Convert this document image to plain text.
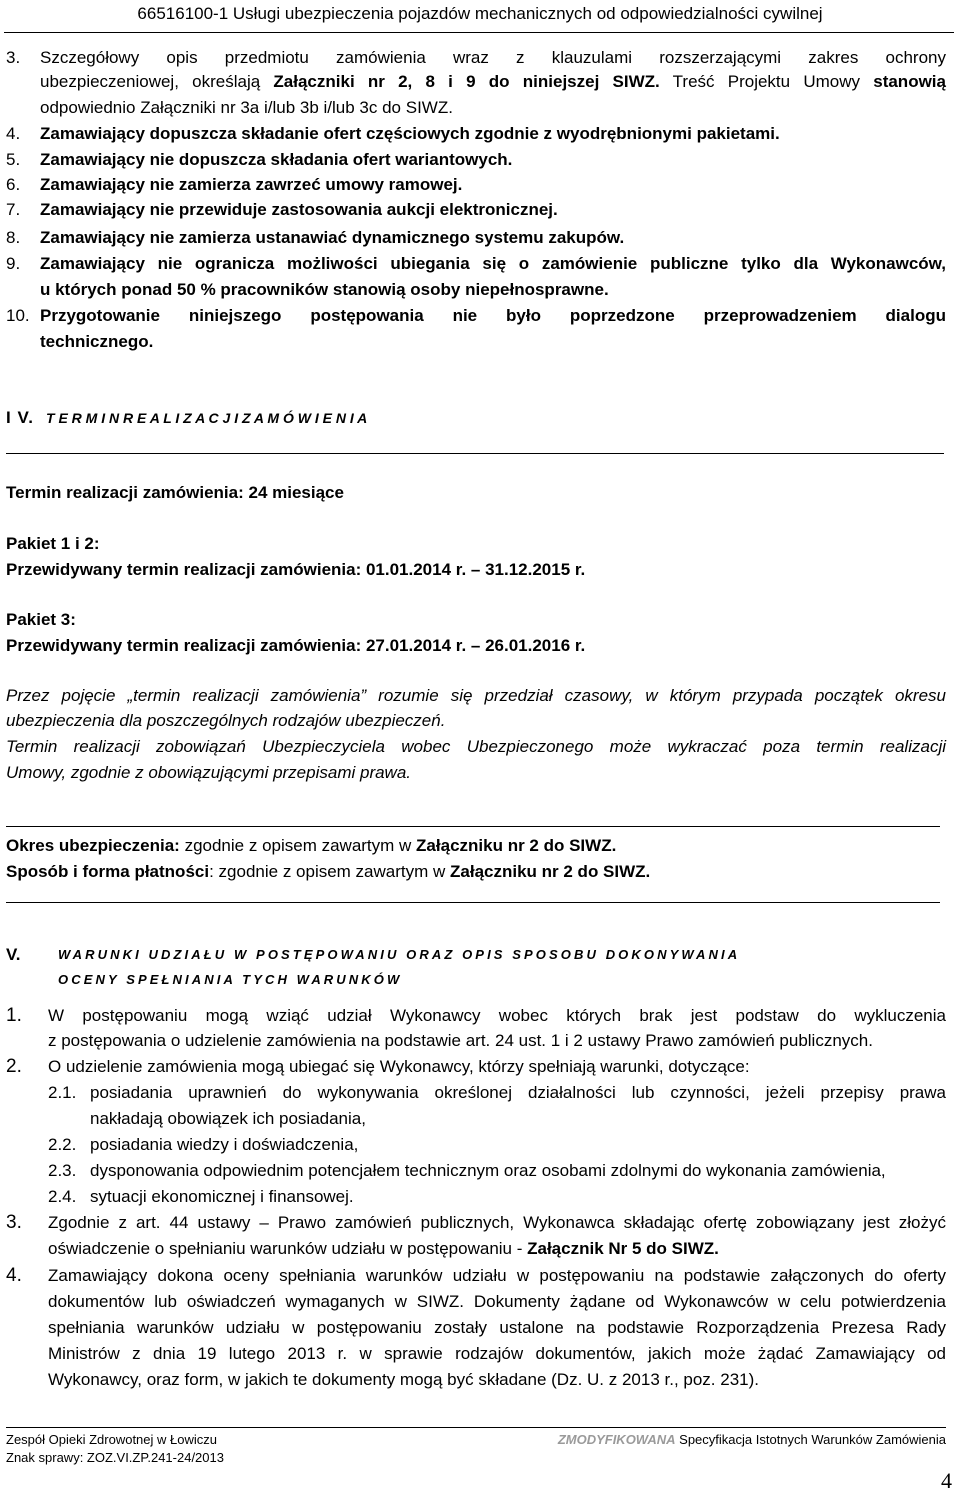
66516100-1 Usługi ubezpieczenia pojazdów mechanicznych od odpowiedzialności cywilnej
3. Szczegółowy opis przedmiotu zamówienia wraz z klauzulami rozszerzającymi zakres ochrony
ubezpieczeniowej, określają Załączniki nr 2, 8 i 9 do niniejszej SIWZ. Treść Projektu Umowy stanowią
odpowiednio Załączniki nr 3a i/lub 3b i/lub 3c do SIWZ.
4. Zamawiający dopuszcza składanie ofert częściowych zgodnie z wyodrębnionymi pakietami.
5. Zamawiający nie dopuszcza składania ofert wariantowych.
6. Zamawiający nie zamierza zawrzeć umowy ramowej.
7. Zamawiający nie przewiduje zastosowania aukcji elektronicznej.
8. Zamawiający nie zamierza ustanawiać dynamicznego systemu zakupów.
9. Zamawiający nie ogranicza możliwości ubiegania się o zamówienie publiczne tylko dla Wykonawców,
u których ponad 50 % pracowników stanowią osoby niepełnosprawne.
10. Przygotowanie niniejszego postępowania nie było poprzedzone przeprowadzeniem dialogu
technicznego.
I V. T E R M I N R E A L I Z A C J I Z A M Ó W I E N I A
Termin realizacji zamówienia: 24 miesiące
Pakiet 1 i 2:
Przewidywany termin realizacji zamówienia: 01.01.2014 r. – 31.12.2015 r.
Pakiet 3:
Przewidywany termin realizacji zamówienia: 27.01.2014 r. – 26.01.2016 r.
Przez pojęcie „termin realizacji zamówienia” rozumie się przedział czasowy, w którym przypada początek okresu
ubezpieczenia dla poszczególnych rodzajów ubezpieczeń.
Termin realizacji zobowiązań Ubezpieczyciela wobec Ubezpieczonego może wykraczać poza termin realizacji
Umowy, zgodnie z obowiązującymi przepisami prawa.
Okres ubezpieczenia: zgodnie z opisem zawartym w Załączniku nr 2 do SIWZ.
Sposób i forma płatności: zgodnie z opisem zawartym w Załączniku nr 2 do SIWZ.
V.	WARUNKI UDZIAŁU W POSTĘPOWANIU ORAZ OPIS SPOSOBU DOKONYWANIA
OCENY SPEŁNIANIA TYCH WARUNKÓW
1. W postępowaniu mogą wziąć udział Wykonawcy wobec których brak jest podstaw do wykluczenia
z postępowania o udzielenie zamówienia na podstawie art. 24 ust. 1 i 2 ustawy Prawo zamówień publicznych.
2. O udzielenie zamówienia mogą ubiegać się Wykonawcy, którzy spełniają warunki, dotyczące:
2.1. posiadania uprawnień do wykonywania określonej działalności lub czynności, jeżeli przepisy prawa
nakładają obowiązek ich posiadania,
2.2. posiadania wiedzy i doświadczenia,
2.3. dysponowania odpowiednim potencjałem technicznym oraz osobami zdolnymi do wykonania zamówienia,
2.4. sytuacji ekonomicznej i finansowej.
3. Zgodnie z art. 44 ustawy – Prawo zamówień publicznych, Wykonawca składając ofertę zobowiązany jest złożyć
oświadczenie o spełnianiu warunków udziału w postępowaniu - Załącznik Nr 5 do SIWZ.
4. Zamawiający dokona oceny spełniania warunków udziału w postępowaniu na podstawie załączonych do oferty
dokumentów lub oświadczeń wymaganych w SIWZ. Dokumenty żądane od Wykonawców w celu potwierdzenia
spełniania warunków udziału w postępowaniu zostały ustalone na podstawie Rozporządzenia Prezesa Rady
Ministrów z dnia 19 lutego 2013 r. w sprawie rodzajów dokumentów, jakich może żądać Zamawiający od
Wykonawcy, oraz form, w jakich te dokumenty mogą być składane (Dz. U. z 2013 r., poz. 231).
Zespół Opieki Zdrowotnej w Łowiczu
Znak sprawy: ZOZ.VI.ZP.241-24/2013
ZMODYFIKOWANA Specyfikacja Istotnych Warunków Zamówienia
4
